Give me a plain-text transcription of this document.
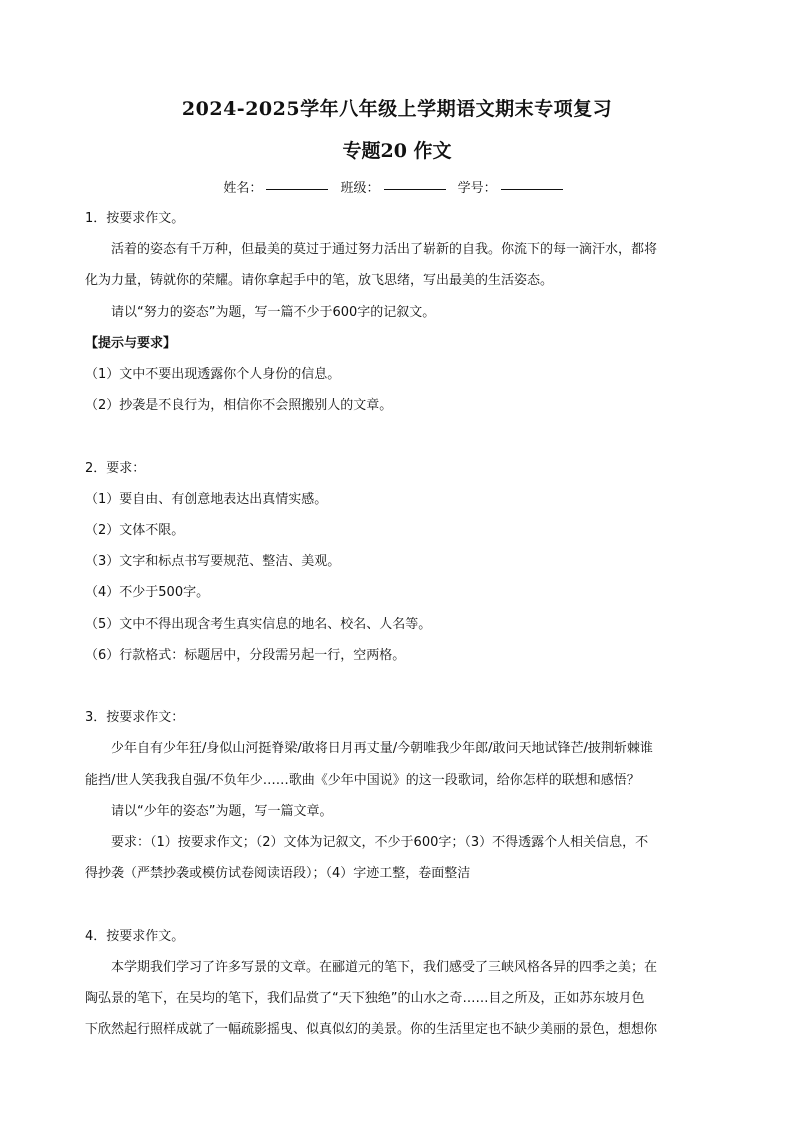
2024-2025学年八年级上学期语文期末专项复习
专题20 作文
姓名：	班级：	学号：

1．按要求作文。

活着的姿态有千万种，但最美的莫过于通过努力活出了崭新的自我。你流下的每一滴汗水，都将

化为力量，铸就你的荣耀。请你拿起手中的笔，放飞思绪，写出最美的生活姿态。

请以“努力的姿态”为题，写一篇不少于600字的记叙文。

【提示与要求】

（1）文中不要出现透露你个人身份的信息。

（2）抄袭是不良行为，相信你不会照搬别人的文章。

2．要求：

（1）要自由、有创意地表达出真情实感。

（2）文体不限。

（3）文字和标点书写要规范、整洁、美观。

（4）不少于500字。

（5）文中不得出现含考生真实信息的地名、校名、人名等。

（6）行款格式：标题居中，分段需另起一行，空两格。

3．按要求作文：

少年自有少年狂/身似山河挺脊梁/敢将日月再丈量/今朝唯我少年郎/敢问天地试锋芒/披荆斩棘谁

能挡/世人笑我我自强/不负年少……歌曲《少年中国说》的这一段歌词，给你怎样的联想和感悟？

请以“少年的姿态”为题，写一篇文章。

要求：（1）按要求作文；（2）文体为记叙文，不少于600字；（3）不得透露个人相关信息，不

得抄袭（严禁抄袭或模仿试卷阅读语段）；（4）字迹工整，卷面整洁

4．按要求作文。

本学期我们学习了许多写景的文章。在郦道元的笔下，我们感受了三峡风格各异的四季之美；在

陶弘景的笔下，在吴均的笔下，我们品赏了“天下独绝”的山水之奇……目之所及，正如苏东坡月色

下欣然起行照样成就了一幅疏影摇曳、似真似幻的美景。你的生活里定也不缺少美丽的景色，想想你
